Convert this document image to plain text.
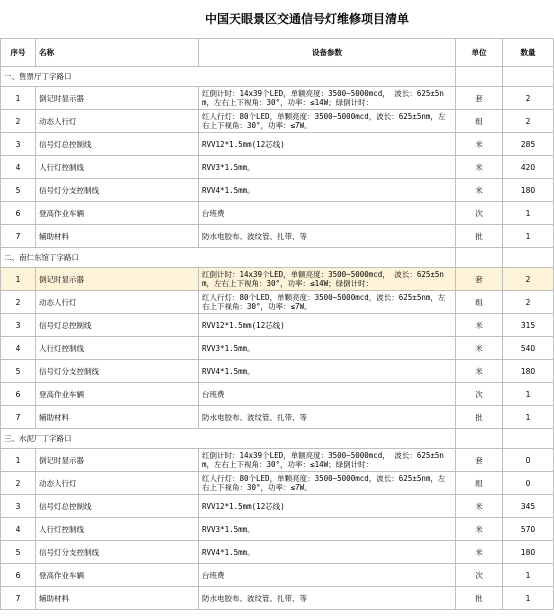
中国天眼景区交通信号灯维修项目清单
序号	名称	设备参数	单位	数量
一、售票厅丁字路口				
1	倒记时显示器	红倒计时：14x39个LED，单额亮度：3500~5000mcd， 波长：625±5nm，左右上下视角：30°，功率：≤14W；绿倒计时：	套	2
2	动态人行灯	红人行灯：80个LED，单颗亮度：3500~5000mcd，波长：625±5nm，左右上下视角：30°，功率：≤7W。	组	2
3	信号灯总控制线	RVV12*1.5mm(12芯线)	米	285
4	人行灯控制线	RVV3*1.5mm。	米	420
5	信号灯分支控制线	RVV4*1.5mm。	米	180
6	登高作业车辆	台班费	次	1
7	辅助材料	防水电胶布、波纹管、扎带、等	批	1
二、南仁东馆丁字路口				
1	倒记时显示器	红倒计时：14x39个LED，单额亮度：3500~5000mcd， 波长：625±5nm，左右上下视角：30°，功率：≤14W；绿倒计时：	套	2
2	动态人行灯	红人行灯：80个LED，单颗亮度：3500~5000mcd，波长：625±5nm，左右上下视角：30°，功率：≤7W。	组	2
3	信号灯总控制线	RVV12*1.5mm(12芯线)	米	315
4	人行灯控制线	RVV3*1.5mm。	米	540
5	信号灯分支控制线	RVV4*1.5mm。	米	180
6	登高作业车辆	台班费	次	1
7	辅助材料	防水电胶布、波纹管、扎带、等	批	1
三、水泥厂丁字路口				
1	倒记时显示器	红倒计时：14x39个LED，单额亮度：3500~5000mcd， 波长：625±5nm，左右上下视角：30°，功率：≤14W；绿倒计时：	套	0
2	动态人行灯	红人行灯：80个LED，单颗亮度：3500~5000mcd，波长：625±5nm，左右上下视角：30°，功率：≤7W。	组	0
3	信号灯总控制线	RVV12*1.5mm(12芯线)	米	345
4	人行灯控制线	RVV3*1.5mm。	米	570
5	信号灯分支控制线	RVV4*1.5mm。	米	180
6	登高作业车辆	台班费	次	1
7	辅助材料	防水电胶布、波纹管、扎带、等	批	1
